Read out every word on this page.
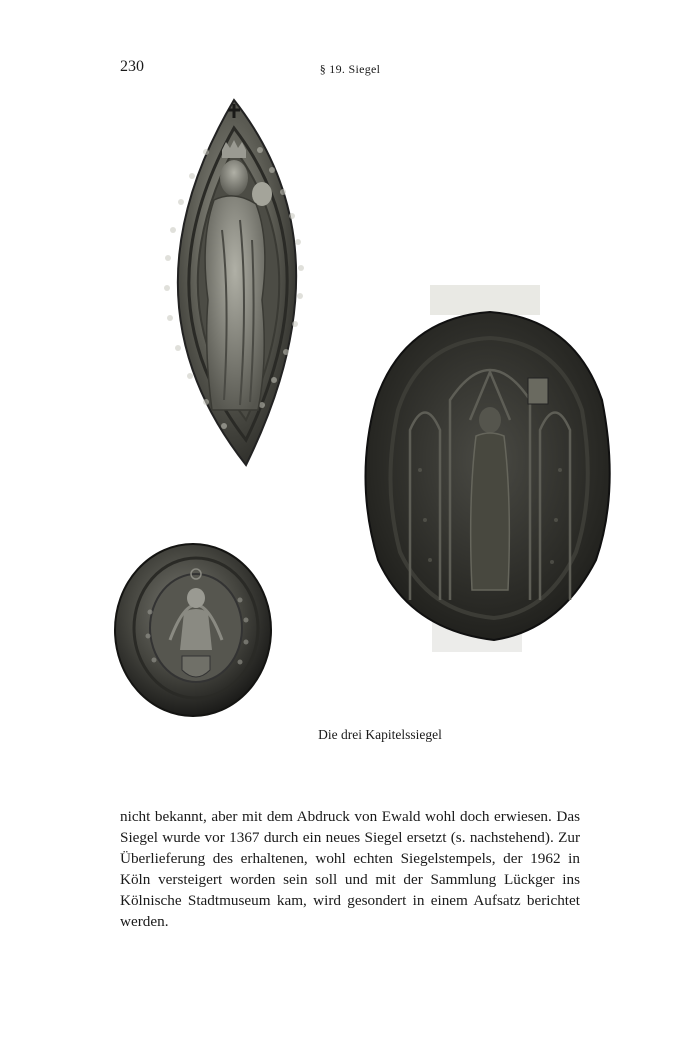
230	§ 19. Siegel
Die drei Kapitelssiegel

nicht bekannt, aber mit dem Abdruck von Ewald wohl doch erwiesen. Das Siegel wurde vor 1367 durch ein neues Siegel ersetzt (s. nachstehend). Zur Überlieferung des erhaltenen, wohl echten Siegelstempels, der 1962 in Köln versteigert worden sein soll und mit der Sammlung Lückger ins Kölnische Stadtmuseum kam, wird gesondert in einem Aufsatz berichtet werden.
